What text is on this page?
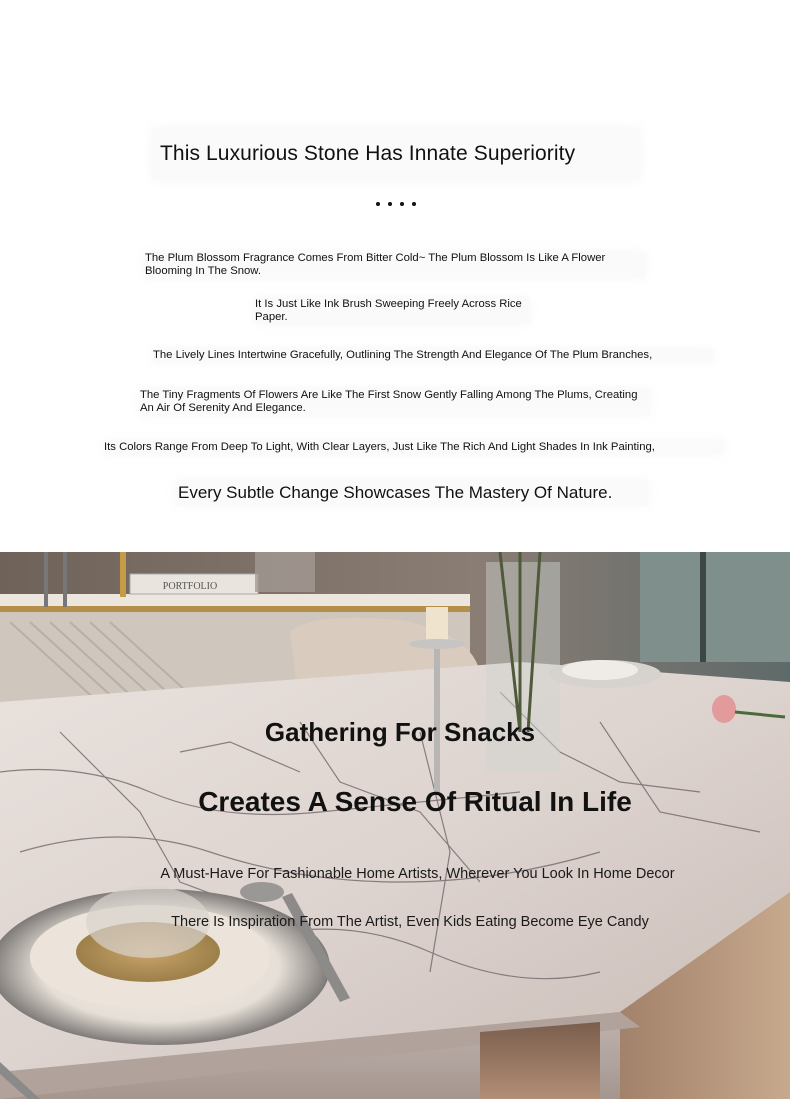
This Luxurious Stone Has Innate Superiority
The Plum Blossom Fragrance Comes From Bitter Cold~ The Plum Blossom Is Like A Flower Blooming In The Snow.
It Is Just Like Ink Brush Sweeping Freely Across Rice Paper.
The Lively Lines Intertwine Gracefully, Outlining The Strength And Elegance Of The Plum Branches,
The Tiny Fragments Of Flowers Are Like The First Snow Gently Falling Among The Plums, Creating An Air Of Serenity And Elegance.
Its Colors Range From Deep To Light, With Clear Layers, Just Like The Rich And Light Shades In Ink Painting,
Every Subtle Change Showcases The Mastery Of Nature.
PORTFOLIO
Gathering For Snacks
Creates A Sense Of Ritual In Life
A Must-Have For Fashionable Home Artists, Wherever You Look In Home Decor
There Is Inspiration From The Artist, Even Kids Eating Become Eye Candy
